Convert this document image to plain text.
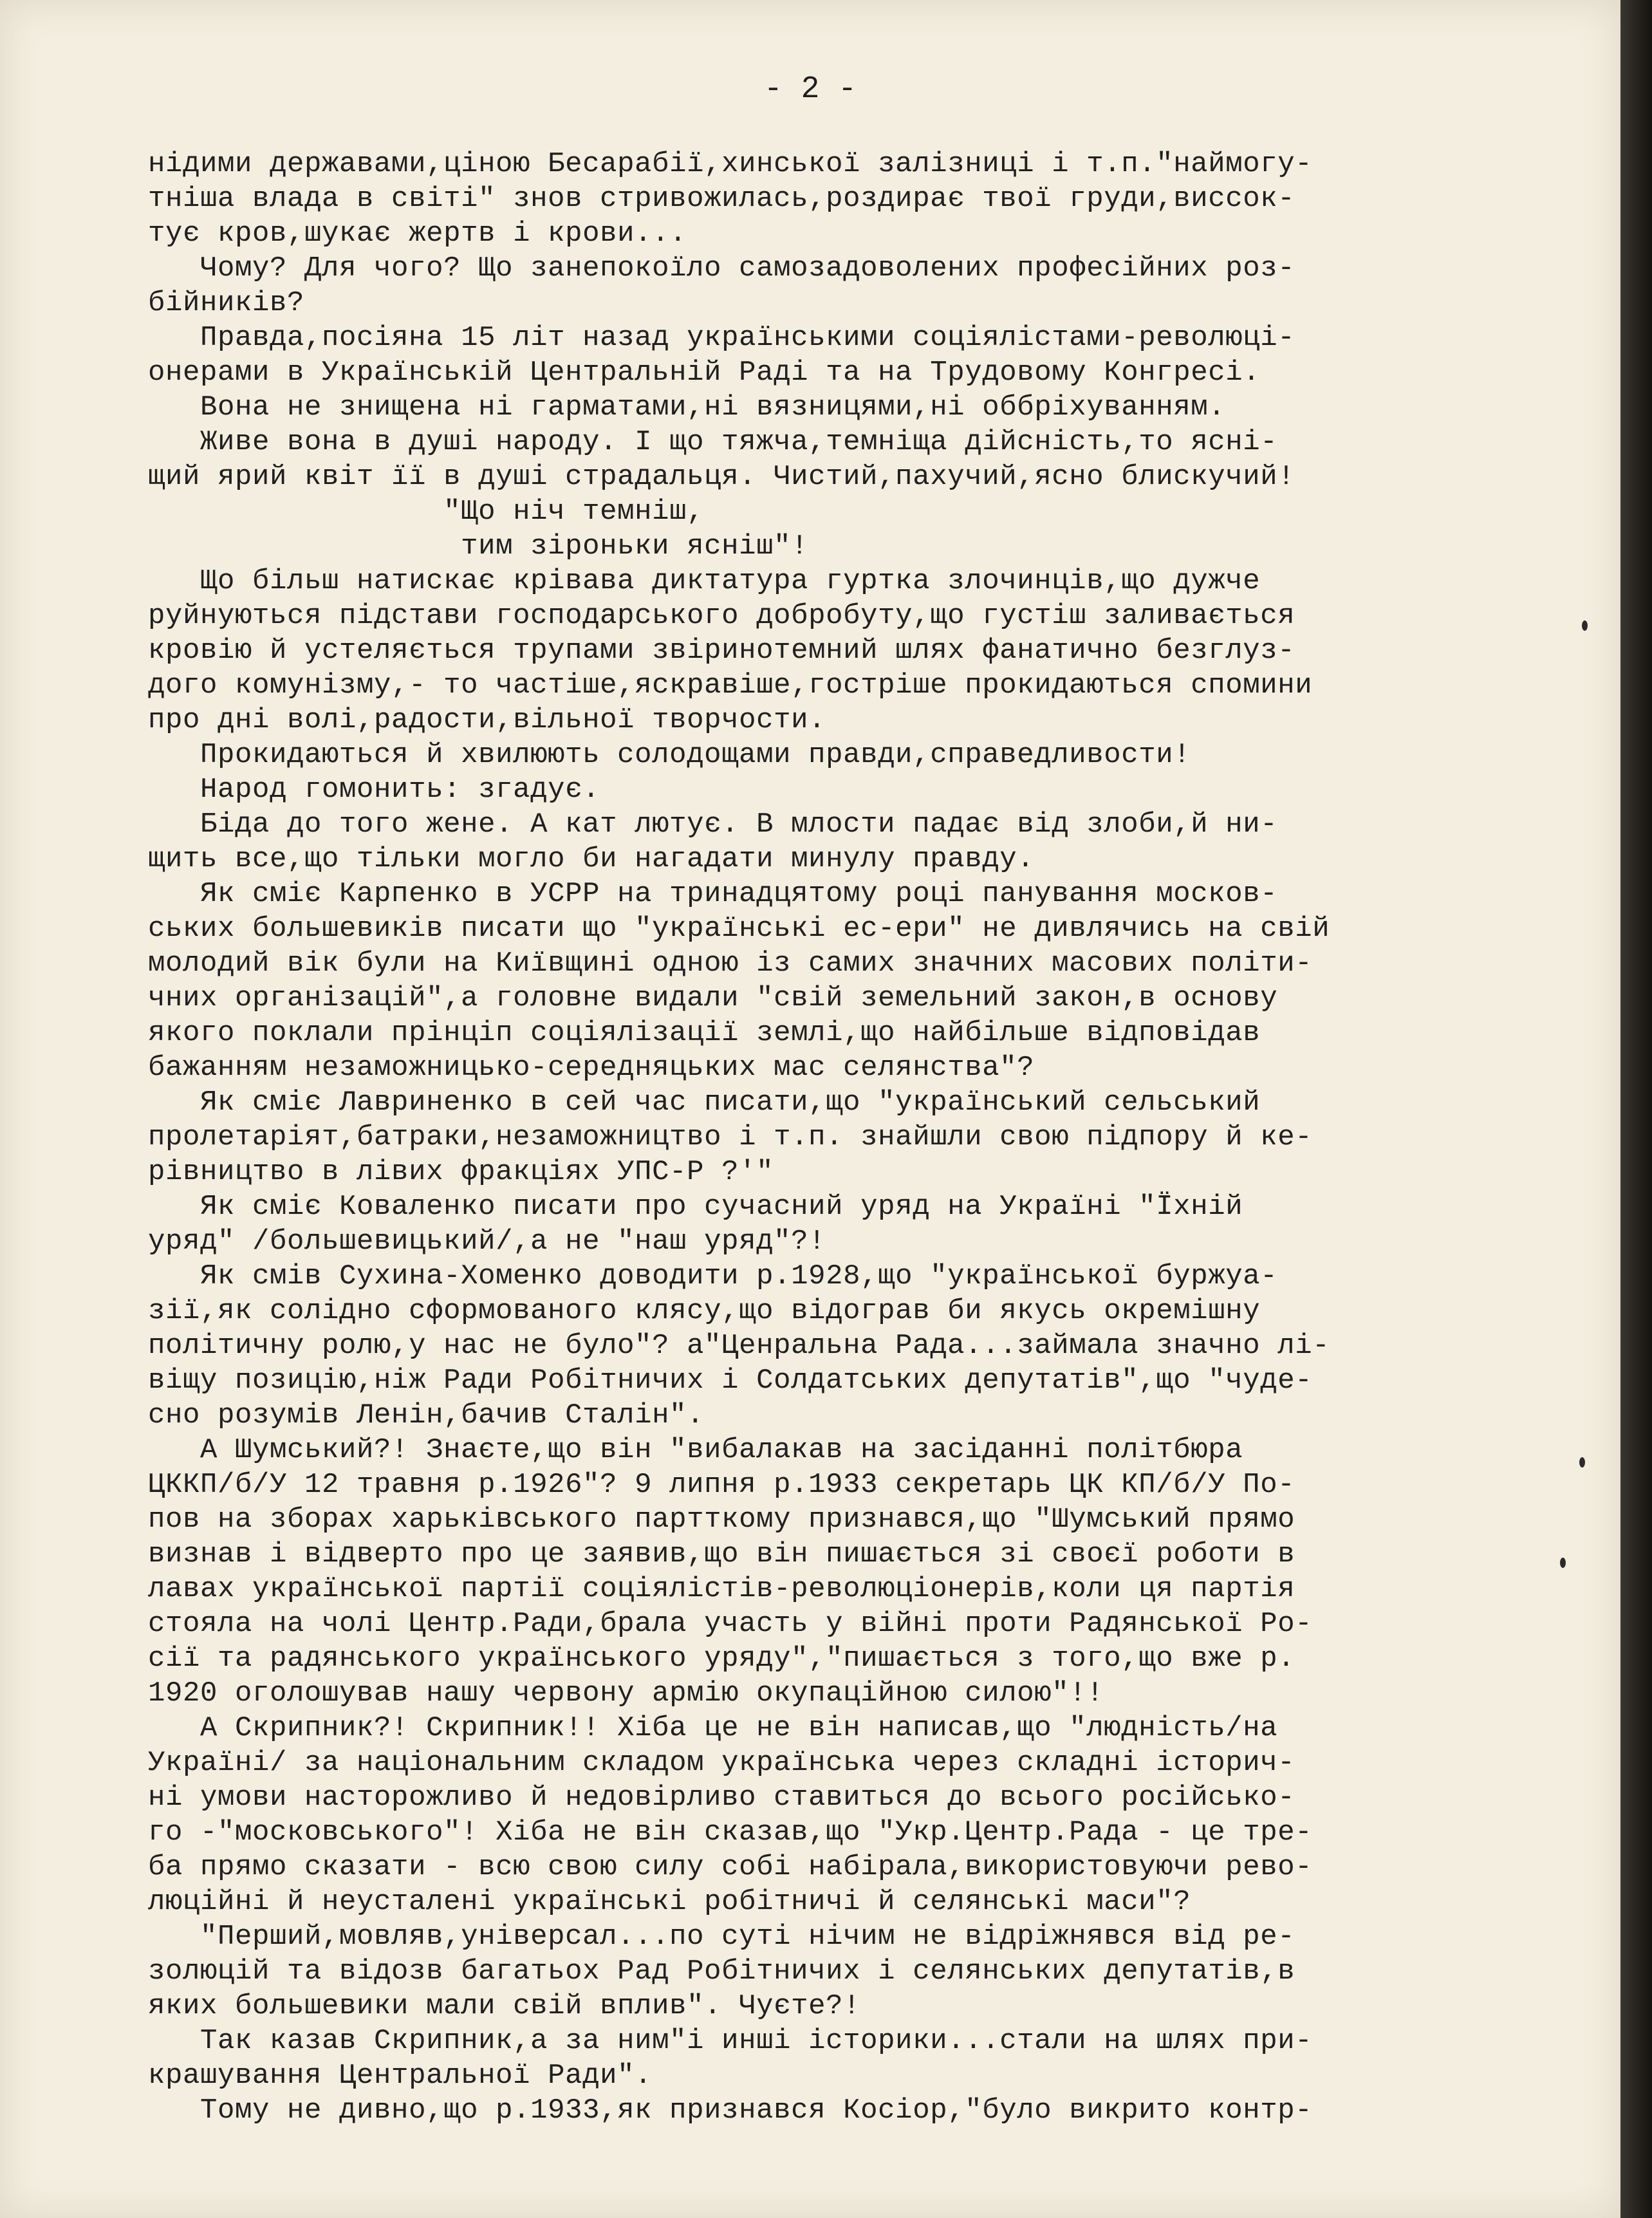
- 2 -
нідими державами,ціною Бесарабії,хинської залізниці і т.п."наймогу-
тніша влада в світі" знов стривожилась,роздирає твої груди,виссок-
тує кров,шукає жертв і крови...
Чому? Для чого? Що занепокоїло самозадоволених професійних роз-
бійників?
Правда,посіяна 15 літ назад українськими соціялістами-революці-
онерами в Українській Центральній Раді та на Трудовому Конгресі.
Вона не знищена ні гарматами,ні вязницями,ні оббріхуванням.
Живе вона в душі народу. І що тяжча,темніща дійсність,то ясні-
щий ярий квіт її в душі страдальця. Чистий,пахучий,ясно блискучий!
"Що ніч темніш,
тим зіроньки ясніш"!
Що більш натискає крівава диктатура гуртка злочинців,що дужче
руйнуються підстави господарського добробуту,що густіш заливається
кровію й устеляється трупами звіринотемний шлях фанатично безглуз-
дого комунізму,- то частіше,яскравіше,гостріше прокидаються спомини
про дні волі,радости,вільної творчости.
Прокидаються й хвилюють солодощами правди,справедливости!
Народ гомонить: згадує.
Біда до того жене. А кат лютує. В млости падає від злоби,й ни-
щить все,що тільки могло би нагадати минулу правду.
Як сміє Карпенко в УСРР на тринадцятому році панування москов-
ських большевиків писати що "українські ес-ери" не дивлячись на свій
молодий вік були на Київщині одною із самих значних масових політи-
чних організацій",а головне видали "свій земельний закон,в основу
якого поклали прінціп соціялізації землі,що найбільше відповідав
бажанням незаможницько-середняцьких мас селянства"?
Як сміє Лавриненко в сей час писати,що "український сельський
пролетаріят,батраки,незаможництво і т.п. знайшли свою підпору й ке-
рівництво в лівих фракціях УПС-Р ?'"
Як сміє Коваленко писати про сучасний уряд на Україні "Їхній
уряд" /большевицький/,а не "наш уряд"?!
Як смів Сухина-Хоменко доводити р.1928,що "української буржуа-
зії,як солідно сформованого кляcу,що відограв би якусь окремішну
політичну ролю,у нас не було"? а"Ценральна Рада...займала значно лі-
віщу позицію,ніж Ради Робітничих і Солдатських депутатів",що "чуде-
сно розумів Ленін,бачив Сталін".
А Шумський?! Знаєте,що він "вибалакав на засіданні політбюра
ЦККП/б/У 12 травня р.1926"? 9 липня р.1933 секретарь ЦК КП/б/У По-
пов на зборах харьківського партткому признався,що "Шумський прямо
визнав і відверто про це заявив,що він пишається зі своєї роботи в
лавах української партії соціялістів-революціонерів,коли ця партія
стояла на чолі Центр.Ради,брала участь у війні проти Радянської Ро-
сії та радянського українського уряду","пишається з того,що вже р.
1920 оголошував нашу червону армію окупаційною силою"!!
А Скрипник?! Скрипник!! Хіба це не він написав,що "людність/на
Україні/ за національним складом українська через складні історич-
ні умови насторожливо й недовірливо ставиться до всього російсько-
го -"московського"! Хіба не він сказав,що "Укр.Центр.Рада - це тре-
ба прямо сказати - всю свою силу собі набірала,використовуючи рево-
люційні й неусталені українські робітничі й селянські маси"?
"Перший,мовляв,універсал...по суті нічим не відріжнявся від ре-
золюцій та відозв багатьох Рад Робітничих і селянських депутатів,в
яких большевики мали свій вплив". Чуєте?!
Так казав Скрипник,а за ним"і инші історики...стали на шлях при-
крашування Центральної Ради".
Тому не дивно,що р.1933,як признався Косіор,"було викрито контр-
